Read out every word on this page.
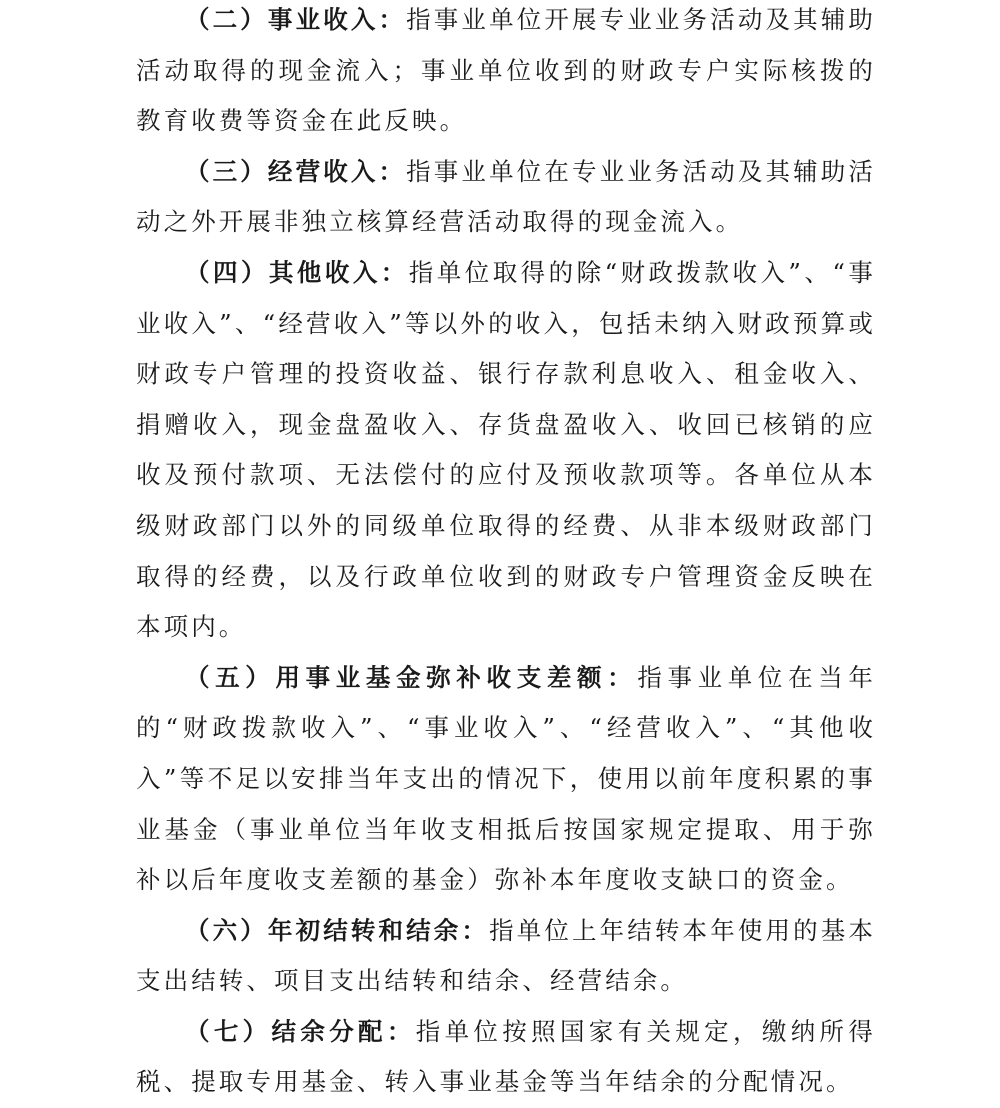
（二）事业收入：指事业单位开展专业业务活动及其辅助活动取得的现金流入；事业单位收到的财政专户实际核拨的教育收费等资金在此反映。

（三）经营收入：指事业单位在专业业务活动及其辅助活动之外开展非独立核算经营活动取得的现金流入。

（四）其他收入：指单位取得的除“财政拨款收入”、“事业收入”、“经营收入”等以外的收入，包括未纳入财政预算或财政专户管理的投资收益、银行存款利息收入、租金收入、捐赠收入，现金盘盈收入、存货盘盈收入、收回已核销的应收及预付款项、无法偿付的应付及预收款项等。各单位从本级财政部门以外的同级单位取得的经费、从非本级财政部门取得的经费，以及行政单位收到的财政专户管理资金反映在本项内。

（五）用事业基金弥补收支差额：指事业单位在当年的“财政拨款收入”、“事业收入”、“经营收入”、“其他收入”等不足以安排当年支出的情况下，使用以前年度积累的事业基金（事业单位当年收支相抵后按国家规定提取、用于弥补以后年度收支差额的基金）弥补本年度收支缺口的资金。

（六）年初结转和结余：指单位上年结转本年使用的基本支出结转、项目支出结转和结余、经营结余。

（七）结余分配：指单位按照国家有关规定，缴纳所得税、提取专用基金、转入事业基金等当年结余的分配情况。
